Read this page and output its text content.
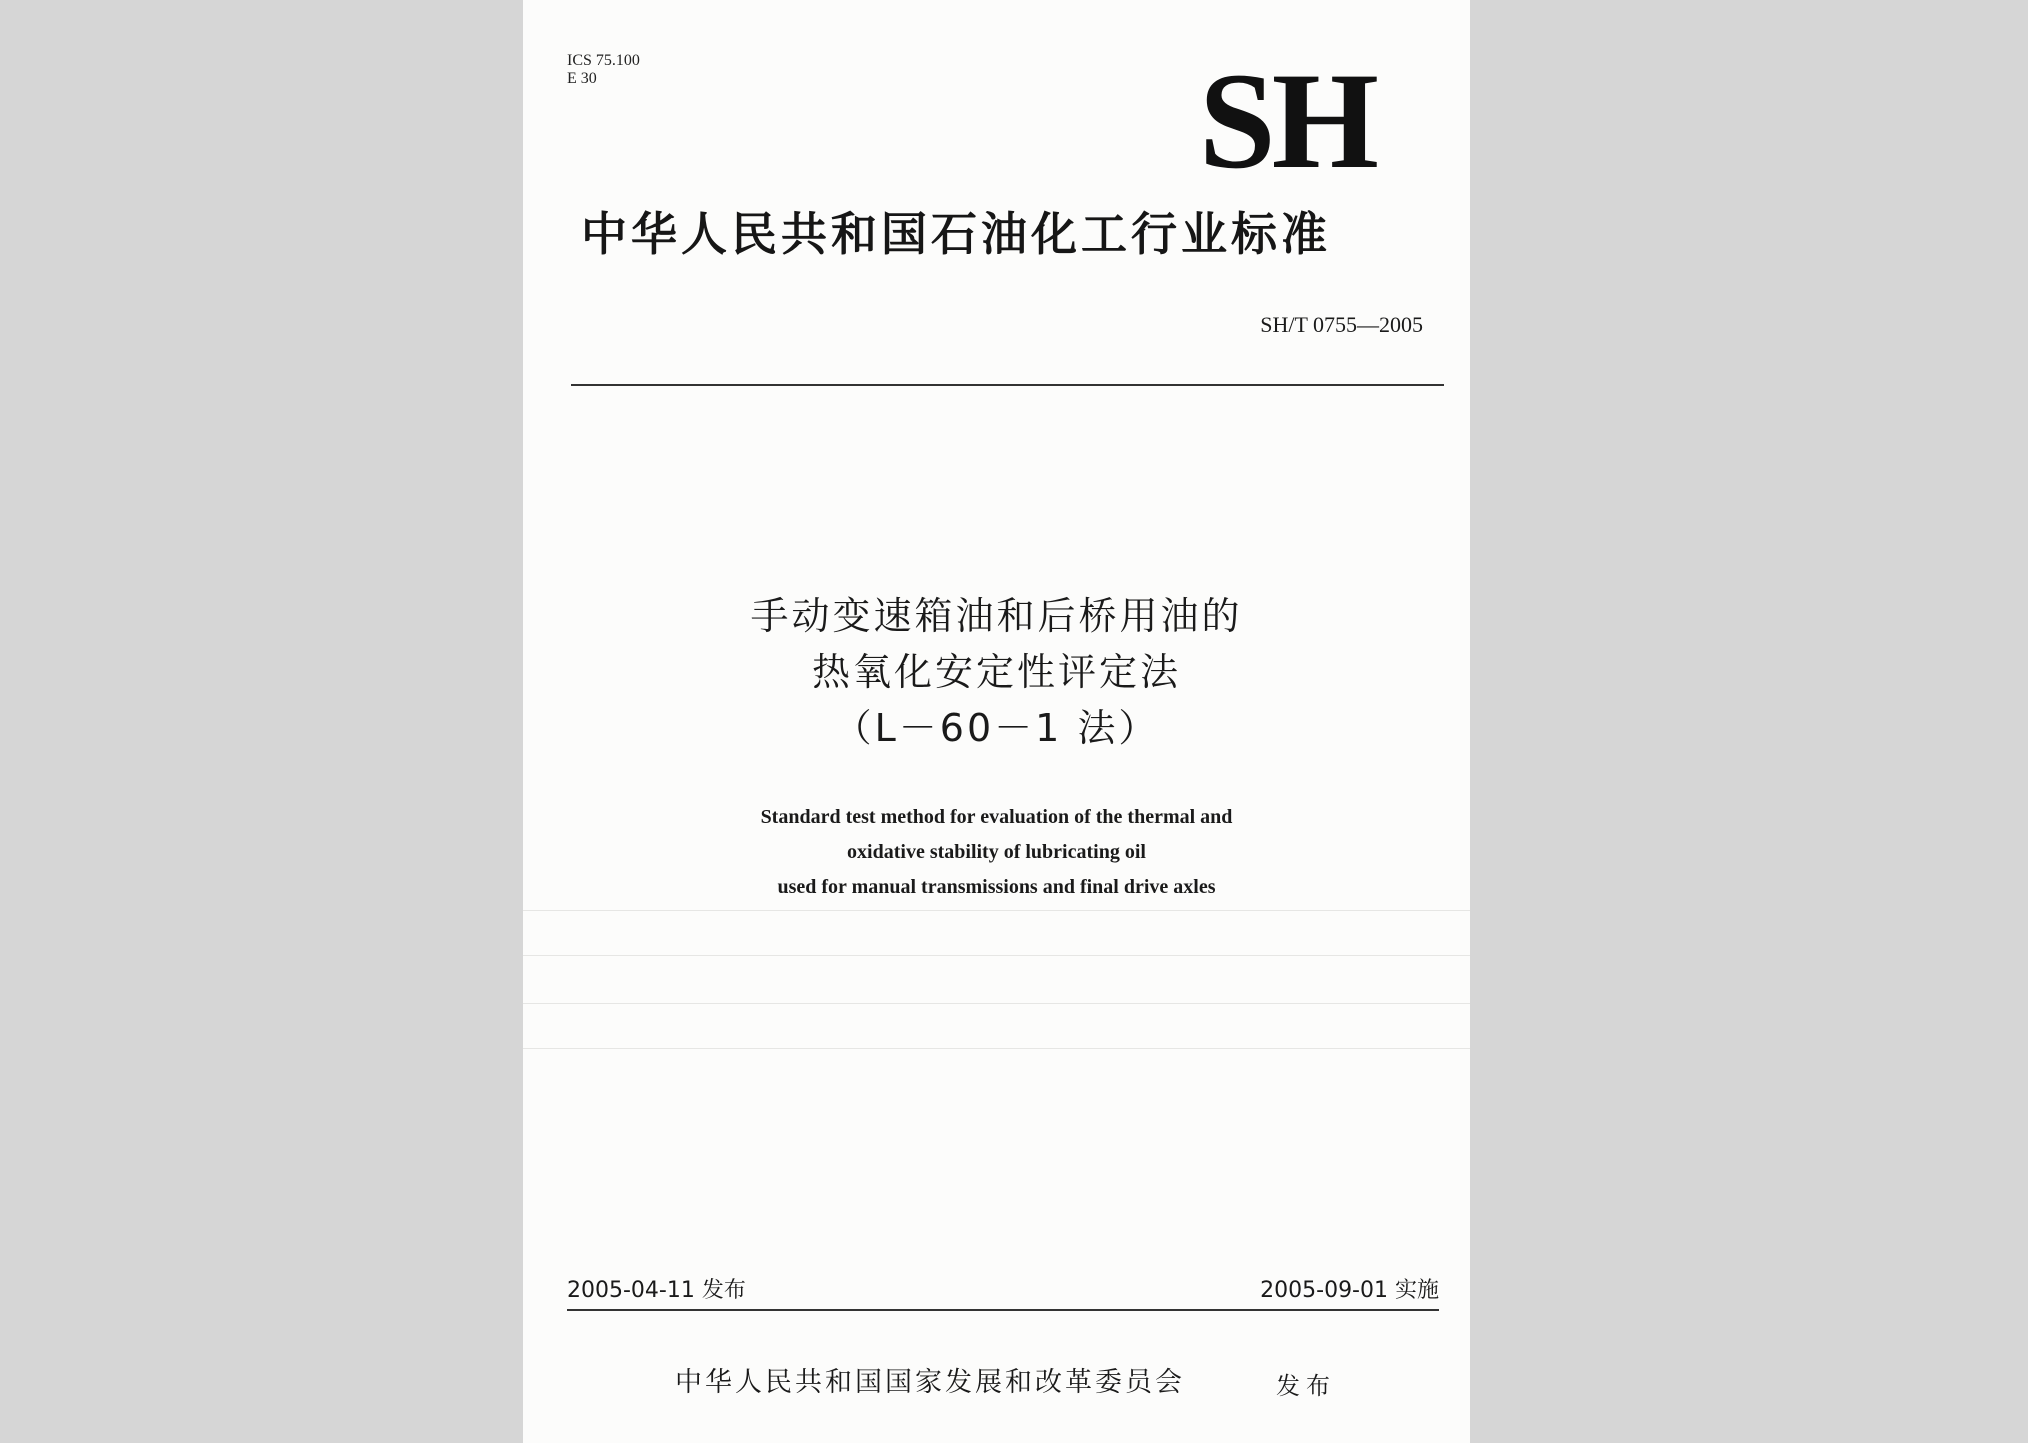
ICS 75.100
E 30	SH
中华人民共和国石油化工行业标准
SH/T 0755—2005
手动变速箱油和后桥用油的
热氧化安定性评定法
（L－60－1 法）
Standard test method for evaluation of the thermal and
oxidative stability of lubricating oil
used for manual transmissions and final drive axles
2005-04-11 发布	2005-09-01 实施
中华人民共和国国家发展和改革委员会	发布
